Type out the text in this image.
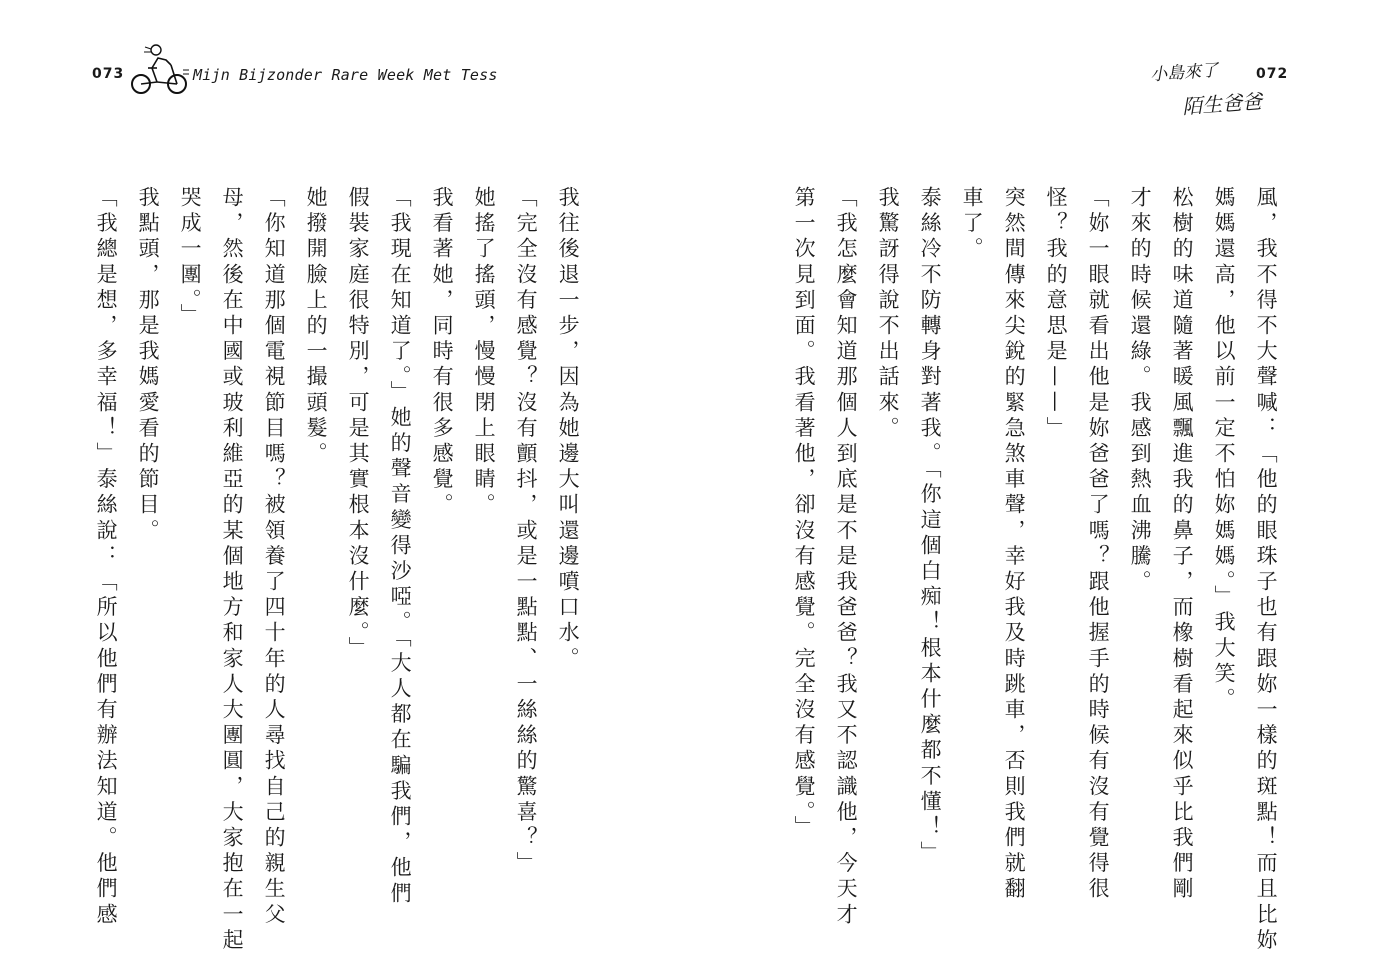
073	Mijn Bijzonder Rare Week Met Tess	小島來了
陌生爸爸
072
風，我不得不大聲喊：「他的眼珠子也有跟妳一樣的斑點！而且比妳
媽媽還高，他以前一定不怕妳媽媽。」我大笑。
松樹的味道隨著暖風飄進我的鼻子，而橡樹看起來似乎比我們剛
才來的時候還綠。我感到熱血沸騰。
「妳一眼就看出他是妳爸爸了嗎？跟他握手的時候有沒有覺得很
怪？我的意思是——」
突然間傳來尖銳的緊急煞車聲，幸好我及時跳車，否則我們就翻
車了。
泰絲冷不防轉身對著我。「你這個白痴！根本什麼都不懂！」
我驚訝得說不出話來。
「我怎麼會知道那個人到底是不是我爸爸？我又不認識他，今天才
第一次見到面。我看著他，卻沒有感覺。完全沒有感覺。」
我往後退一步，因為她邊大叫還邊噴口水。
「完全沒有感覺？沒有顫抖，或是一點點、一絲絲的驚喜？」
她搖了搖頭，慢慢閉上眼睛。
我看著她，同時有很多感覺。
「我現在知道了。」她的聲音變得沙啞。「大人都在騙我們，他們
假裝家庭很特別，可是其實根本沒什麼。」
她撥開臉上的一撮頭髮。
「你知道那個電視節目嗎？被領養了四十年的人尋找自己的親生父
母，然後在中國或玻利維亞的某個地方和家人大團圓，大家抱在一起
哭成一團。」
我點頭，那是我媽愛看的節目。
「我總是想，多幸福！」泰絲說：「所以他們有辦法知道。他們感
